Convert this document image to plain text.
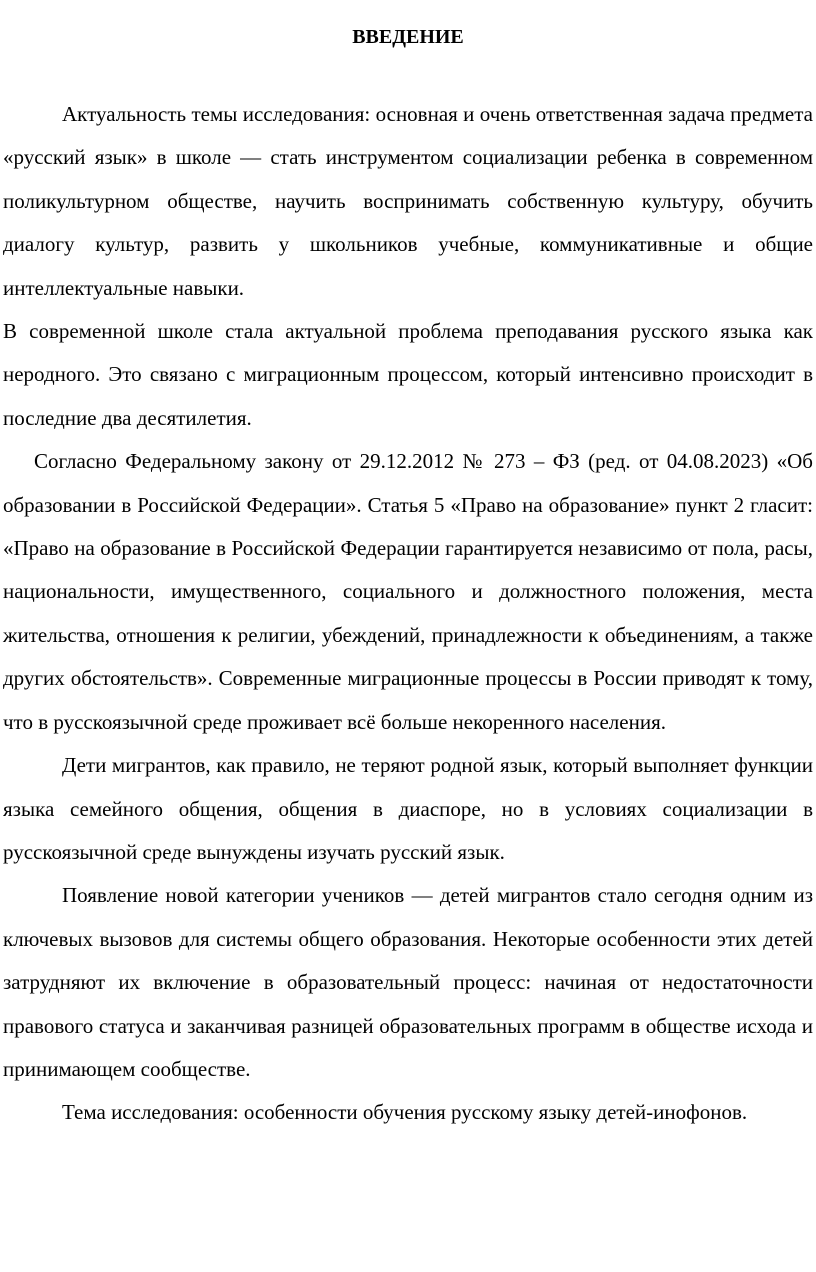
ВВЕДЕНИЕ

Актуальность темы исследования: основная и очень ответственная задача предмета «русский язык» в школе — стать инструментом социализации ребенка в современном поликультурном обществе, научить воспринимать собственную культуру, обучить диалогу культур, развить у школьников учебные, коммуникативные и общие интеллектуальные навыки.

В современной школе стала актуальной проблема преподавания русского языка как неродного. Это связано с миграционным процессом, который интенсивно происходит в последние два десятилетия.

Согласно Федеральному закону от 29.12.2012 № 273 – ФЗ (ред. от 04.08.2023) «Об образовании в Российской Федерации». Статья 5 «Право на образование» пункт 2 гласит: «Право на образование в Российской Федерации гарантируется независимо от пола, расы, национальности, имущественного, социального и должностного положения, места жительства, отношения к религии, убеждений, принадлежности к объединениям, а также других обстоятельств». Современные миграционные процессы в России приводят к тому, что в русскоязычной среде проживает всё больше некоренного населения.

Дети мигрантов, как правило, не теряют родной язык, который выполняет функции языка семейного общения, общения в диаспоре, но в условиях социализации в русскоязычной среде вынуждены изучать русский язык.

Появление новой категории учеников — детей мигрантов стало сегодня одним из ключевых вызовов для системы общего образования. Некоторые особенности этих детей затрудняют их включение в образовательный процесс: начиная от недостаточности правового статуса и заканчивая разницей образовательных программ в обществе исхода и принимающем сообществе.

Тема исследования: особенности обучения русскому языку детей-инофонов.
